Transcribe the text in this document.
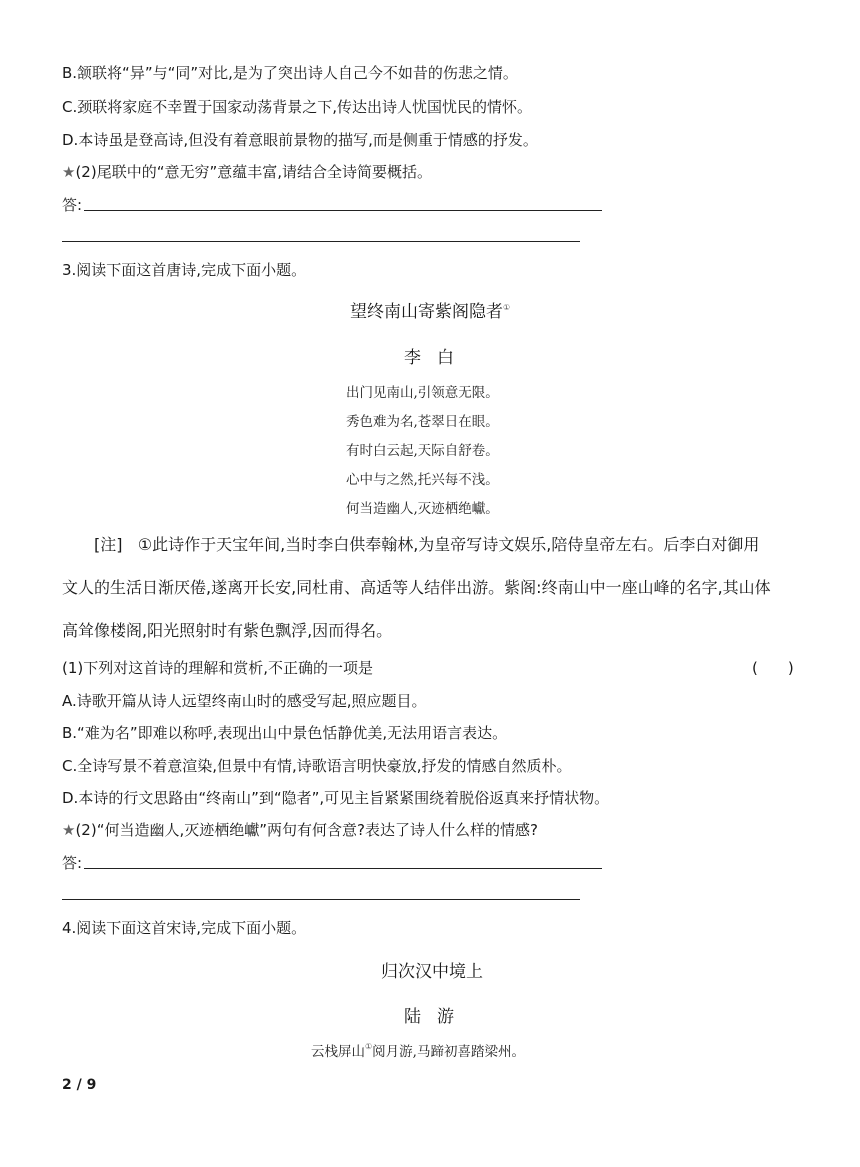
B.颔联将“异”与“同”对比,是为了突出诗人自己今不如昔的伤悲之情。
C.颈联将家庭不幸置于国家动荡背景之下,传达出诗人忧国忧民的情怀。
D.本诗虽是登高诗,但没有着意眼前景物的描写,而是侧重于情感的抒发。
★(2)尾联中的“意无穷”意蕴丰富,请结合全诗简要概括。
答:
3.阅读下面这首唐诗,完成下面小题。
望终南山寄紫阁隐者①
李白
出门见南山,引领意无限。
秀色难为名,苍翠日在眼。
有时白云起,天际自舒卷。
心中与之然,托兴每不浅。
何当造幽人,灭迹栖绝巘。
[注] ①此诗作于天宝年间,当时李白供奉翰林,为皇帝写诗文娱乐,陪侍皇帝左右。后李白对御用
文人的生活日渐厌倦,遂离开长安,同杜甫、高适等人结伴出游。紫阁:终南山中一座山峰的名字,其山体
高耸像楼阁,阳光照射时有紫色飘浮,因而得名。
(1)下列对这首诗的理解和赏析,不正确的一项是	(　　)
A.诗歌开篇从诗人远望终南山时的感受写起,照应题目。
B.“难为名”即难以称呼,表现出山中景色恬静优美,无法用语言表达。
C.全诗写景不着意渲染,但景中有情,诗歌语言明快豪放,抒发的情感自然质朴。
D.本诗的行文思路由“终南山”到“隐者”,可见主旨紧紧围绕着脱俗返真来抒情状物。
★(2)“何当造幽人,灭迹栖绝巘”两句有何含意?表达了诗人什么样的情感?
答:
4.阅读下面这首宋诗,完成下面小题。
归次汉中境上
陆游
云栈屏山①阅月游,马蹄初喜踏梁州。
2 / 9
